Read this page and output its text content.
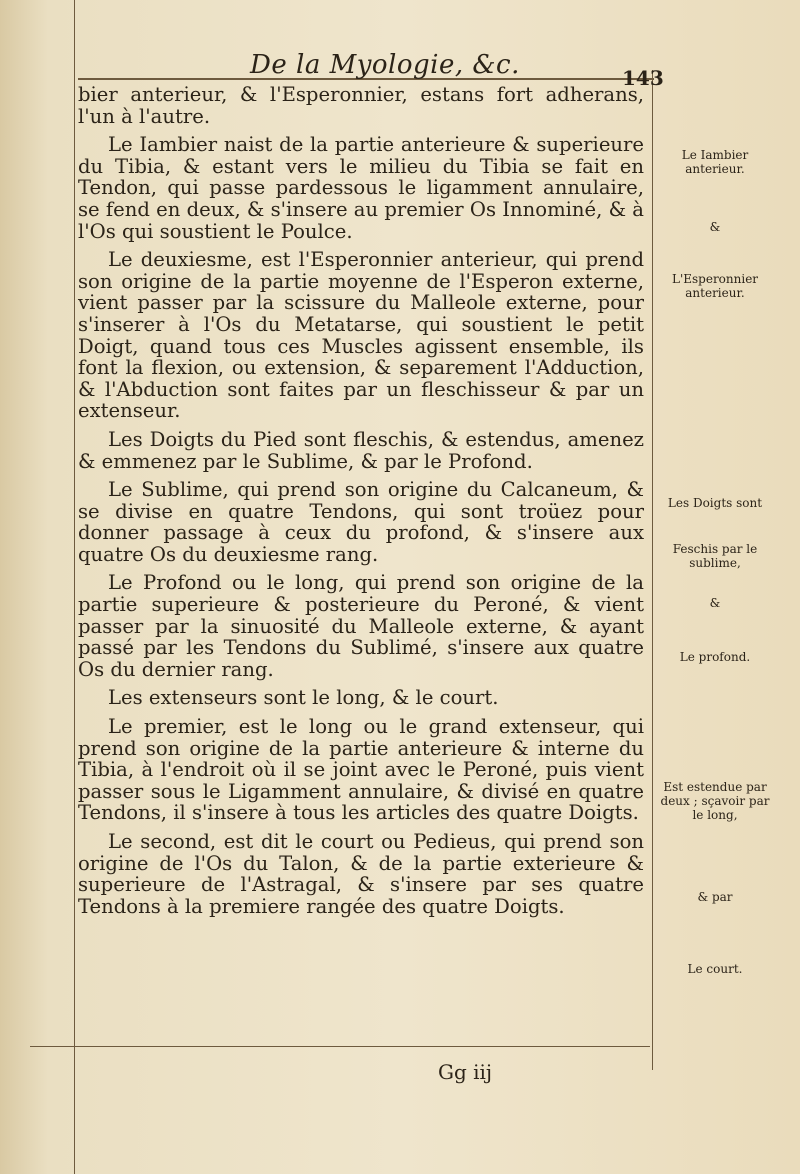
De la Myologie, &c.	143

bier anterieur, & l'Esperonnier, estans fort adherans, l'un à l'autre.

Le Iambier naist de la partie anterieure & superieure du Tibia, & estant vers le milieu du Tibia se fait en Tendon, qui passe pardessous le ligamment annulaire, se fend en deux, & s'insere au premier Os Innominé, & à l'Os qui soustient le Poulce.

Le deuxiesme, est l'Esperonnier anterieur, qui prend son origine de la partie moyenne de l'Esperon externe, vient passer par la scissure du Malleole externe, pour s'inserer à l'Os du Metatarse, qui soustient le petit Doigt, quand tous ces Muscles agissent ensemble, ils font la flexion, ou extension, & separement l'Adduction, & l'Abduction sont faites par un fleschisseur & par un extenseur.

Les Doigts du Pied sont fleschis, & estendus, amenez & emmenez par le Sublime, & par le Profond.

Le Sublime, qui prend son origine du Calcaneum, & se divise en quatre Tendons, qui sont troüez pour donner passage à ceux du profond, & s'insere aux quatre Os du deuxiesme rang.

Le Profond ou le long, qui prend son origine de la partie superieure & posterieure du Peroné, & vient passer par la sinuosité du Malleole externe, & ayant passé par les Tendons du Sublimé, s'insere aux quatre Os du dernier rang.

Les extenseurs sont le long, & le court.

Le premier, est le long ou le grand extenseur, qui prend son origine de la partie anterieure & interne du Tibia, à l'endroit où il se joint avec le Peroné, puis vient passer sous le Ligamment annulaire, & divisé en quatre Tendons, il s'insere à tous les articles des quatre Doigts.

Le second, est dit le court ou Pedieus, qui prend son origine de l'Os du Talon, & de la partie exterieure & superieure de l'Astragal, & s'insere par ses quatre Tendons à la premiere rangée des quatre Doigts.

Le Iambier anterieur.
&
L'Esperonnier anterieur.
Les Doigts sont
Feschis par le sublime,
&
Le profond.
Est estendue par deux ; sçavoir par le long,
& par
Le court.
Gg iij
